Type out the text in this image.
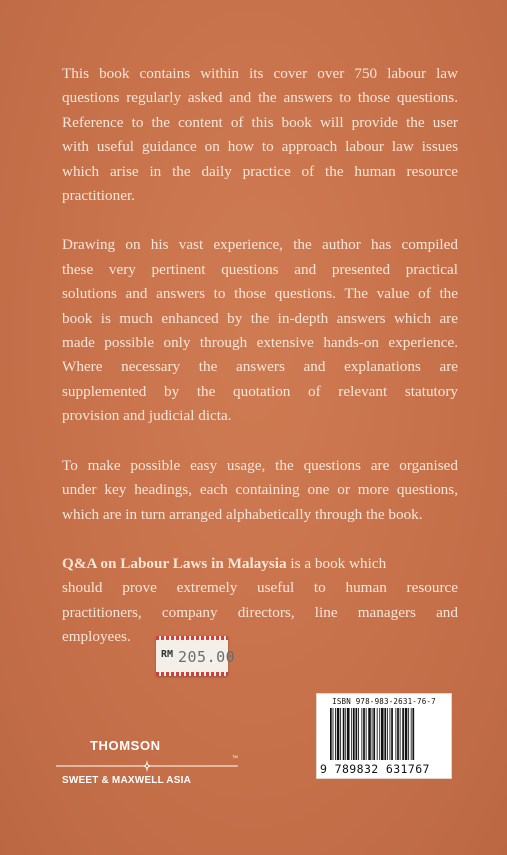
This book contains within its cover over 750 labour law
questions regularly asked and the answers to those questions.
Reference to the content of this book will provide the user
with useful guidance on how to approach labour law issues
which arise in the daily practice of the human resource
practitioner.

Drawing on his vast experience, the author has compiled
these very pertinent questions and presented practical
solutions and answers to those questions. The value of the
book is much enhanced by the in-depth answers which are
made possible only through extensive hands-on experience.
Where necessary the answers and explanations are
supplemented by the quotation of relevant statutory
provision and judicial dicta.

To make possible easy usage, the questions are organised
under key headings, each containing one or more questions,
which are in turn arranged alphabetically through the book.

Q&A on Labour Laws in Malaysia is a book which
should prove extremely useful to human resource
practitioners, company directors, line managers and
employees.

RM 205.00
THOMSON
TM
SWEET & MAXWELL ASIA
ISBN 978-983-2631-76-7
9 789832 631767
